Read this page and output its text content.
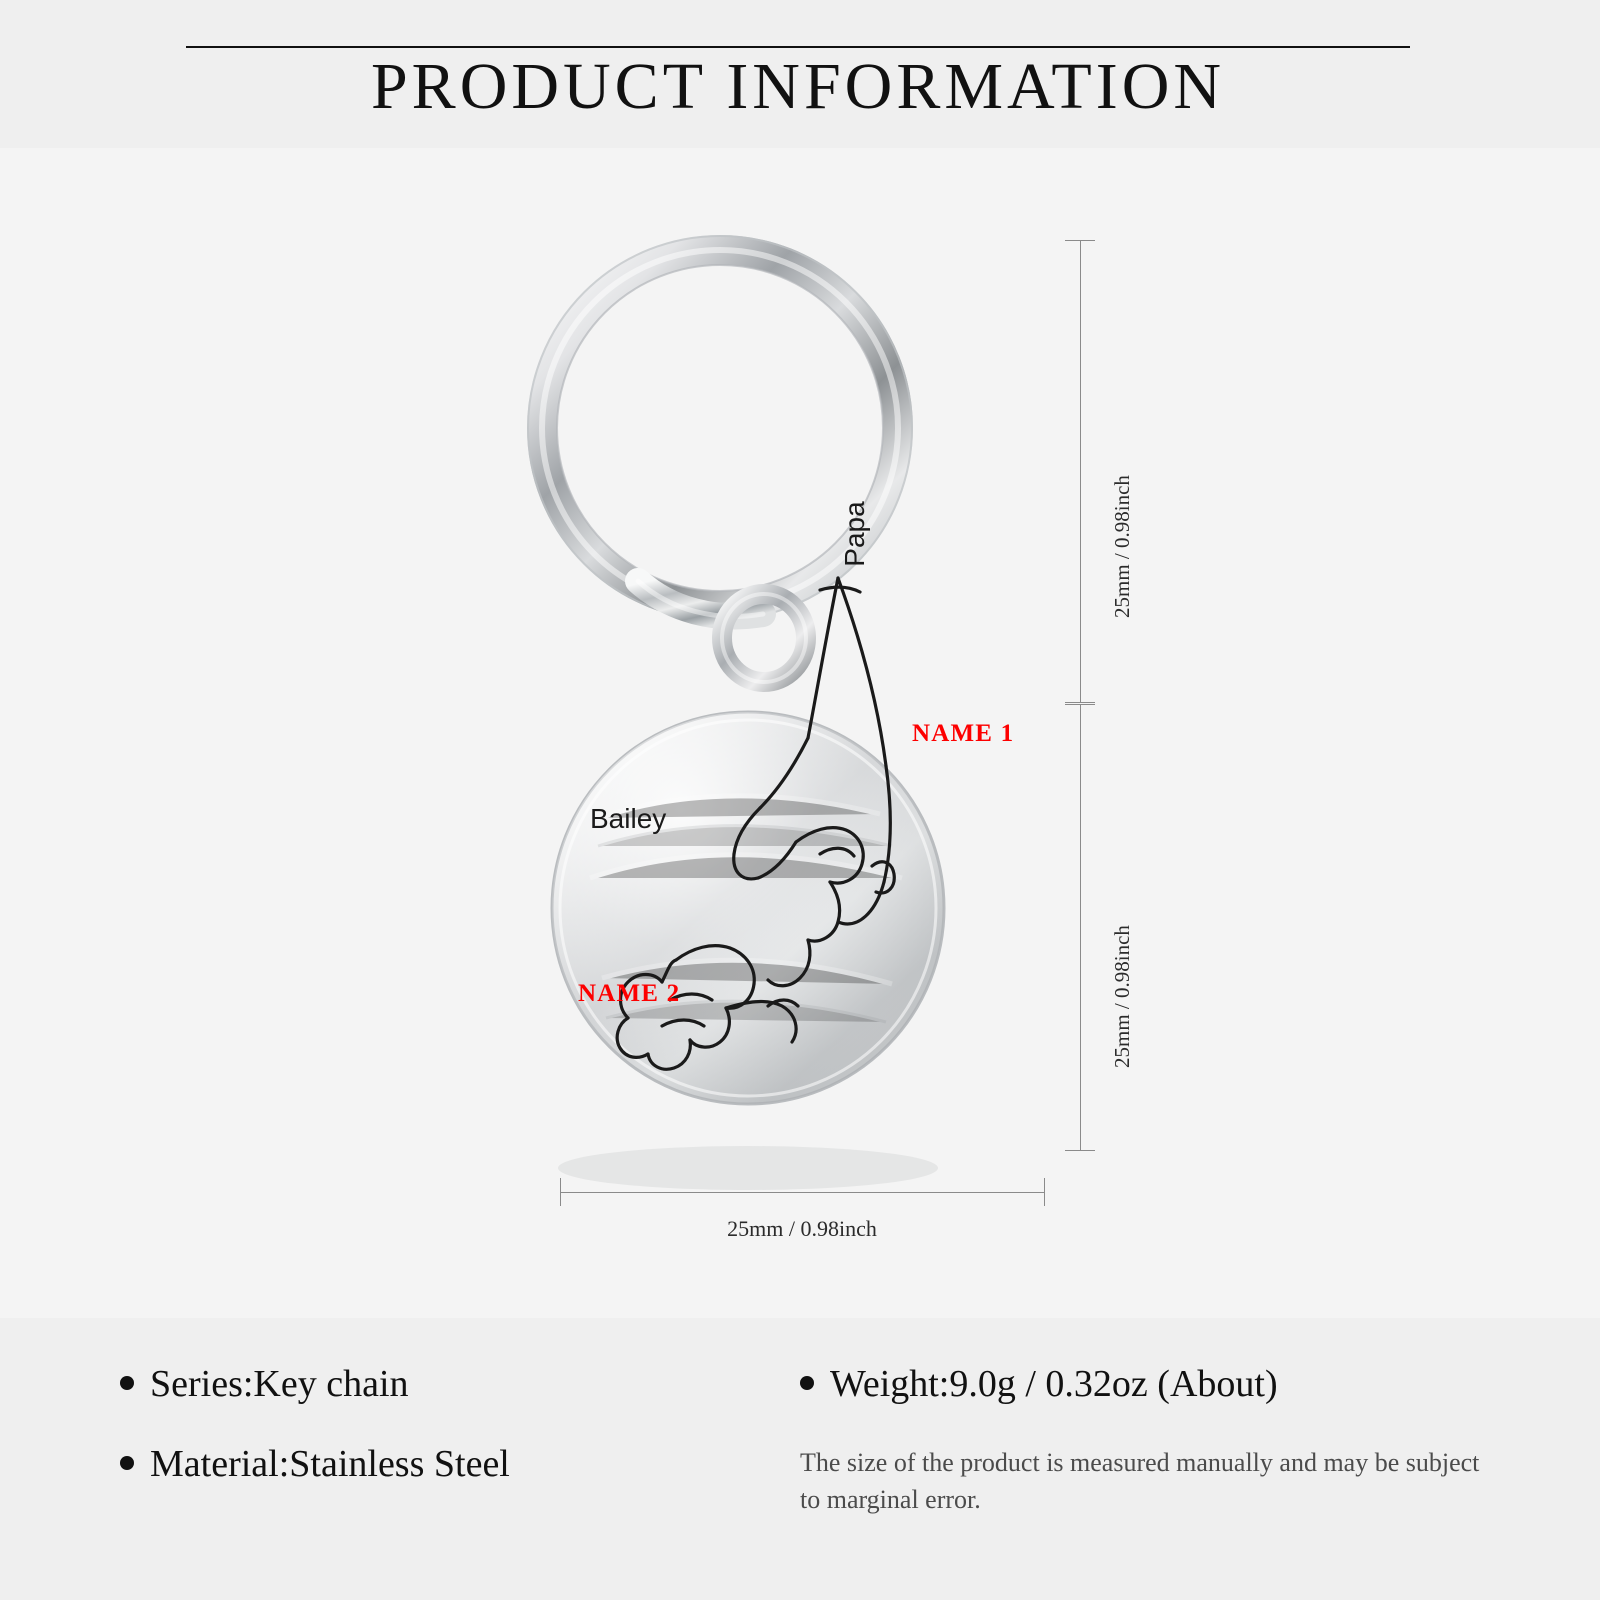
PRODUCT INFORMATION
Papa
Bailey
NAME 1
NAME 2
25mm / 0.98inch
25mm / 0.98inch
25mm / 0.98inch
Series:Key chain
Material:Stainless Steel
Weight:9.0g / 0.32oz (About)
The size of the product is measured manually and may be subject to marginal error.
